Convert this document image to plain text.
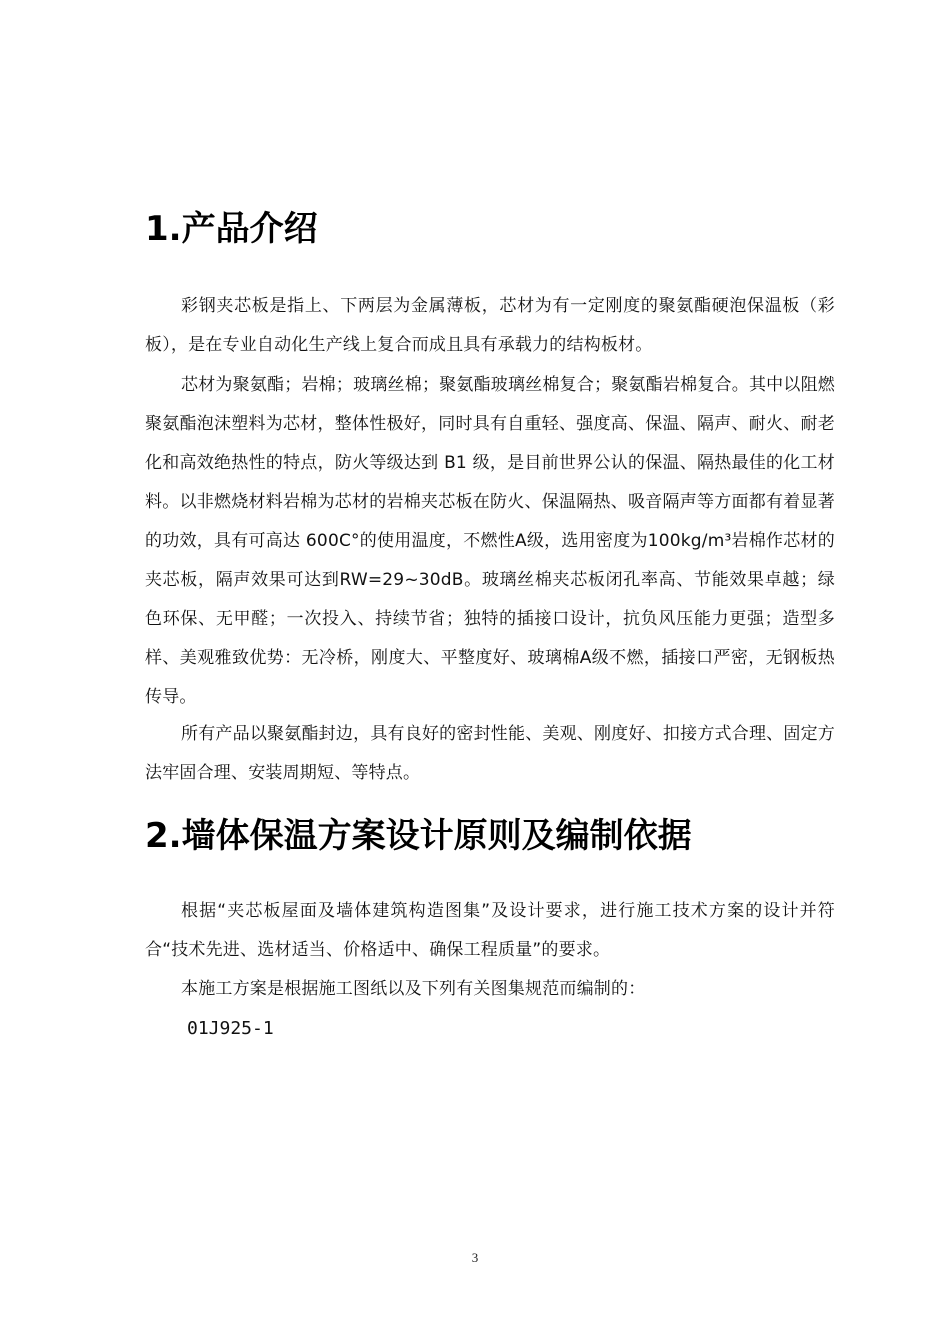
1.产品介绍

彩钢夹芯板是指上、下两层为金属薄板，芯材为有一定刚度的聚氨酯硬泡保温板（彩板），是在专业自动化生产线上复合而成且具有承载力的结构板材。

芯材为聚氨酯；岩棉；玻璃丝棉；聚氨酯玻璃丝棉复合；聚氨酯岩棉复合。其中以阻燃聚氨酯泡沫塑料为芯材，整体性极好，同时具有自重轻、强度高、保温、隔声、耐火、耐老化和高效绝热性的特点，防火等级达到 B1 级，是目前世界公认的保温、隔热最佳的化工材料。以非燃烧材料岩棉为芯材的岩棉夹芯板在防火、保温隔热、吸音隔声等方面都有着显著的功效，具有可高达 600C°的使用温度，不燃性A级，选用密度为100kg/m³岩棉作芯材的夹芯板，隔声效果可达到RW=29~30dB。玻璃丝棉夹芯板闭孔率高、节能效果卓越；绿色环保、无甲醛；一次投入、持续节省；独特的插接口设计，抗负风压能力更强；造型多样、美观雅致优势：无冷桥，刚度大、平整度好、玻璃棉A级不燃，插接口严密，无钢板热传导。

所有产品以聚氨酯封边，具有良好的密封性能、美观、刚度好、扣接方式合理、固定方法牢固合理、安装周期短、等特点。

2.墙体保温方案设计原则及编制依据

根据“夹芯板屋面及墙体建筑构造图集”及设计要求，进行施工技术方案的设计并符合“技术先进、选材适当、价格适中、确保工程质量”的要求。

本施工方案是根据施工图纸以及下列有关图集规范而编制的：

01J925-1

3
